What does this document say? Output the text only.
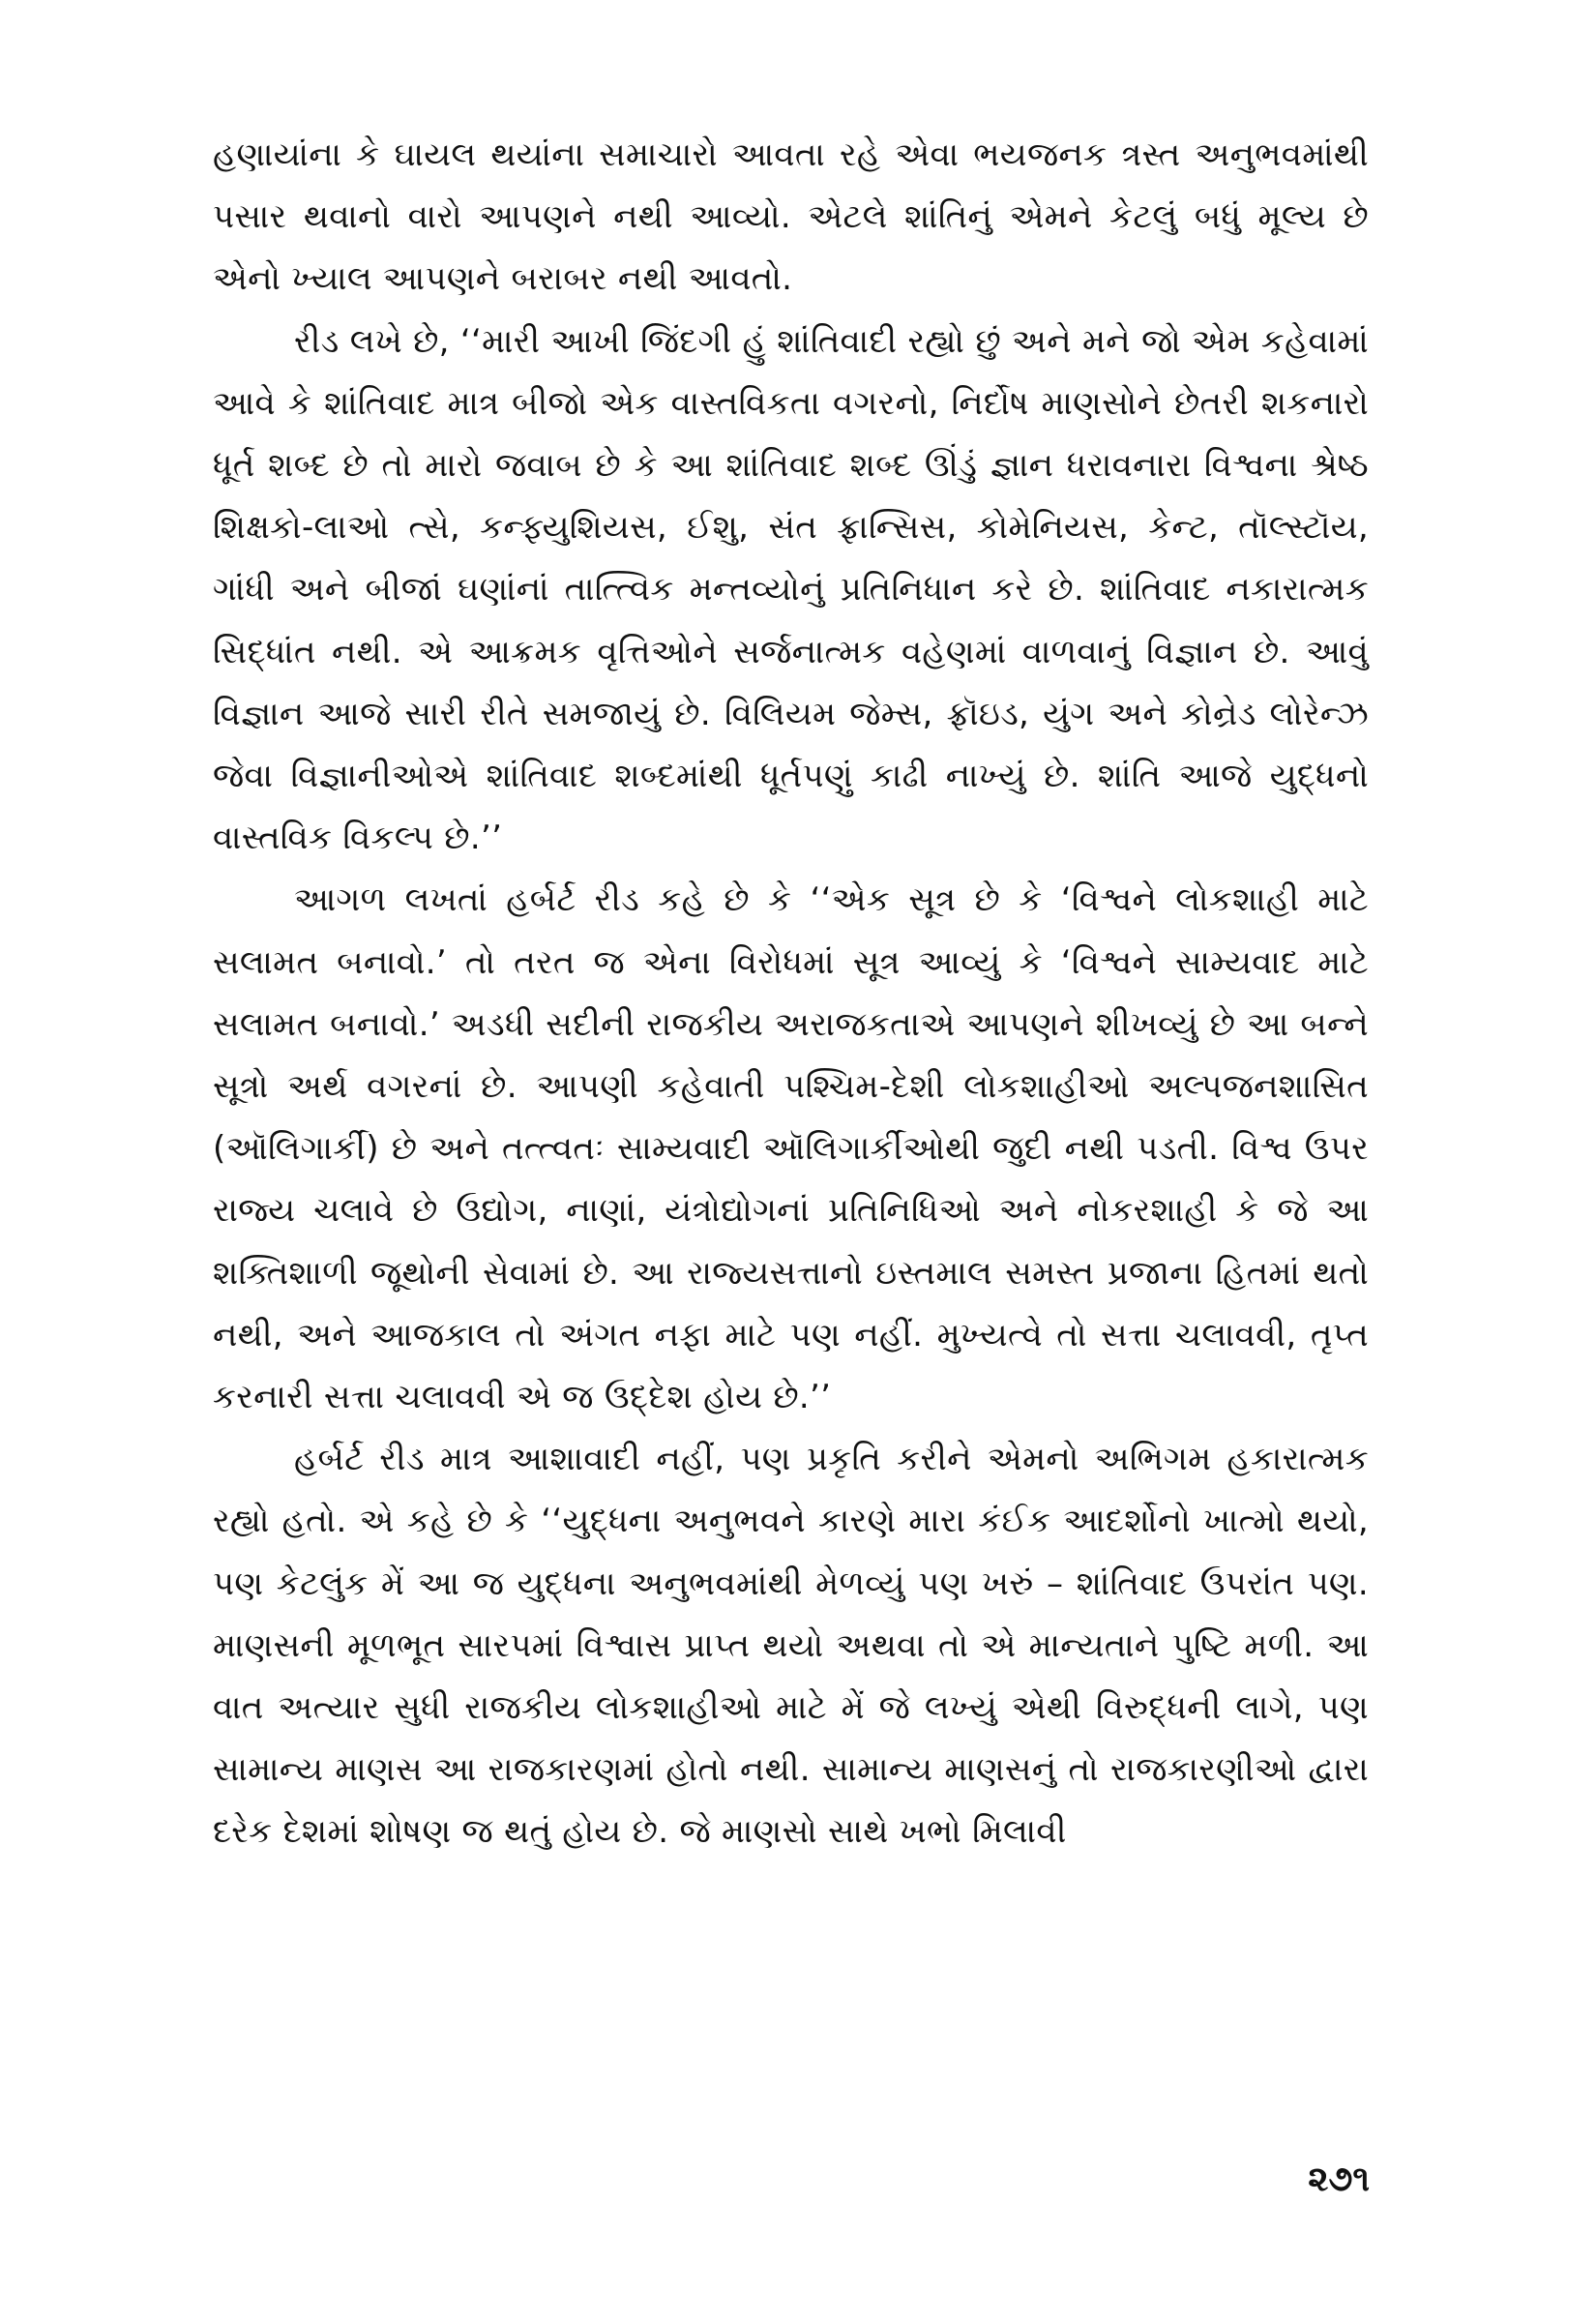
હણાયાંના કે ઘાયલ થયાંના સમાચારો આવતા રહે એવા ભયજનક ત્રસ્ત અનુભવમાંથી પસાર થવાનો વારો આપણને નથી આવ્યો. એટલે શાંતિનું એમને કેટલું બધું મૂલ્ય છે એનો ખ્યાલ આપણને બરાબર નથી આવતો.

રીડ લખે છે, ‘‘મારી આખી જિંદગી હું શાંતિવાદી રહ્યો છું અને મને જો એમ કહેવામાં આવે કે શાંતિવાદ માત્ર બીજો એક વાસ્તવિકતા વગરનો, નિર્દોષ માણસોને છેતરી શકનારો ધૂર્ત શબ્દ છે તો મારો જવાબ છે કે આ શાંતિવાદ શબ્દ ઊંડું જ્ઞાન ધરાવનારા વિશ્વના શ્રેષ્ઠ શિક્ષકો-લાઓ ત્સે, કન્ફ્યુશિયસ, ઈશુ, સંત ફ્રાન્સિસ, કોમેનિયસ, કેન્ટ, તૉલ્સ્ટૉય, ગાંધી અને બીજાં ઘણાંનાં તાત્ત્વિક મન્તવ્યોનું પ્રતિનિધાન કરે છે. શાંતિવાદ નકારાત્મક સિદ્ધાંત નથી. એ આક્રમક વૃત્તિઓને સર્જનાત્મક વહેણમાં વાળવાનું વિજ્ઞાન છે. આવું વિજ્ઞાન આજે સારી રીતે સમજાયું છે. વિલિયમ જેમ્સ, ફ્રૉઇડ, યુંગ અને કોન્રેડ લોરેન્ઝ જેવા વિજ્ઞાનીઓએ શાંતિવાદ શબ્દમાંથી ધૂર્તપણું કાઢી નાખ્યું છે. શાંતિ આજે યુદ્ધનો વાસ્તવિક વિકલ્પ છે.’’

આગળ લખતાં હર્બર્ટ રીડ કહે છે કે ‘‘એક સૂત્ર છે કે ‘વિશ્વને લોકશાહી માટે સલામત બનાવો.’ તો તરત જ એના વિરોધમાં સૂત્ર આવ્યું કે ‘વિશ્વને સામ્યવાદ માટે સલામત બનાવો.’ અડધી સદીની રાજકીય અરાજકતાએ આપણને શીખવ્યું છે આ બન્ને સૂત્રો અર્થ વગરનાં છે. આપણી કહેવાતી પશ્ચિમ-દેશી લોકશાહીઓ અલ્પજનશાસિત (ઑલિગાર્કી) છે અને તત્ત્વતઃ સામ્યવાદી ઑલિગાર્કીઓથી જુદી નથી પડતી. વિશ્વ ઉપર રાજ્ય ચલાવે છે ઉદ્યોગ, નાણાં, યંત્રોદ્યોગનાં પ્રતિનિધિઓ અને નોકરશાહી કે જે આ શક્તિશાળી જૂથોની સેવામાં છે. આ રાજ્યસત્તાનો ઇસ્તમાલ સમસ્ત પ્રજાના હિતમાં થતો નથી, અને આજકાલ તો અંગત નફા માટે પણ નહીં. મુખ્યત્વે તો સત્તા ચલાવવી, તૃપ્ત કરનારી સત્તા ચલાવવી એ જ ઉદ્દેશ હોય છે.’’

હર્બર્ટ રીડ માત્ર આશાવાદી નહીં, પણ પ્રકૃતિ કરીને એમનો અભિગમ હકારાત્મક રહ્યો હતો. એ કહે છે કે ‘‘યુદ્ધના અનુભવને કારણે મારા કંઈક આદર્શોનો ખાત્મો થયો, પણ કેટલુંક મેં આ જ યુદ્ધના અનુભવમાંથી મેળવ્યું પણ ખરું – શાંતિવાદ ઉપરાંત પણ. માણસની મૂળભૂત સારપમાં વિશ્વાસ પ્રાપ્ત થયો અથવા તો એ માન્યતાને પુષ્ટિ મળી. આ વાત અત્યાર સુધી રાજકીય લોકશાહીઓ માટે મેં જે લખ્યું એથી વિરુદ્ધની લાગે, પણ સામાન્ય માણસ આ રાજકારણમાં હોતો નથી. સામાન્ય માણસનું તો રાજકારણીઓ દ્વારા દરેક દેશમાં શોષણ જ થતું હોય છે. જે માણસો સાથે ખભો મિલાવી

૨૭૧
